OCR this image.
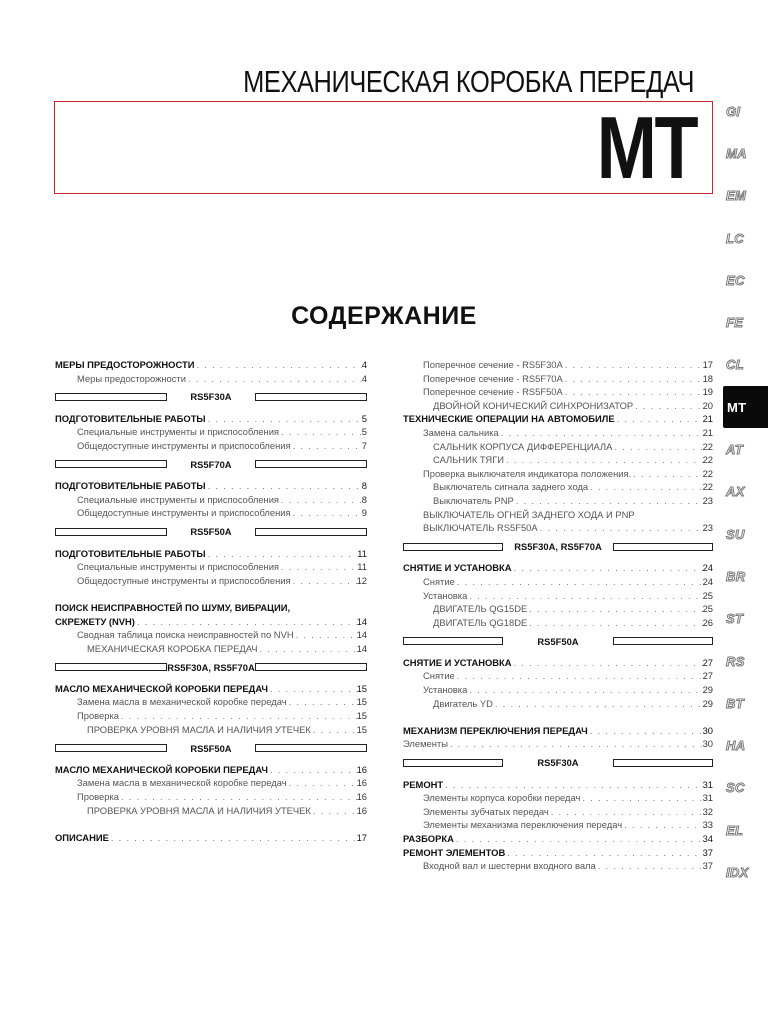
МЕХАНИЧЕСКАЯ КОРОБКА ПЕРЕДАЧ
MT
СОДЕРЖАНИЕ
GI
MA
EM
LC
EC
FE
CL
MT
AT
AX
SU
BR
ST
RS
BT
HA
SC
EL
IDX
МЕРЫ ПРЕДОСТОРОЖНОСТИ . . .	4
Меры предосторожности . . .	4
RS5F30A
ПОДГОТОВИТЕЛЬНЫЕ РАБОТЫ . . .	5
Специальные инструменты и приспособления . . .	5
Общедоступные инструменты и приспособления . . .	7
RS5F70A
ПОДГОТОВИТЕЛЬНЫЕ РАБОТЫ . . .	8
Специальные инструменты и приспособления . . .	8
Общедоступные инструменты и приспособления . . .	9
RS5F50A
ПОДГОТОВИТЕЛЬНЫЕ РАБОТЫ . . .	11
Специальные инструменты и приспособления . . .	11
Общедоступные инструменты и приспособления . . .	12
ПОИСК НЕИСПРАВНОСТЕЙ ПО ШУМУ, ВИБРАЦИИ,
СКРЕЖЕТУ (NVH) . . .	14
Сводная таблица поиска неисправностей по NVH . . .	14
МЕХАНИЧЕСКАЯ КОРОБКА ПЕРЕДАЧ . . .	14
RS5F30A, RS5F70A
МАСЛО МЕХАНИЧЕСКОЙ КОРОБКИ ПЕРЕДАЧ . . .	15
Замена масла в механической коробке передач . . .	15
Проверка . . .	15
ПРОВЕРКА УРОВНЯ МАСЛА И НАЛИЧИЯ УТЕЧЕК . . .	15
RS5F50A
МАСЛО МЕХАНИЧЕСКОЙ КОРОБКИ ПЕРЕДАЧ . . .	16
Замена масла в механической коробке передач . . .	16
Проверка . . .	16
ПРОВЕРКА УРОВНЯ МАСЛА И НАЛИЧИЯ УТЕЧЕК . . .	16
ОПИСАНИЕ . . .	17
Поперечное сечение - RS5F30A . . .	17
Поперечное сечение - RS5F70A . . .	18
Поперечное сечение - RS5F50A . . .	19
ДВОЙНОЙ КОНИЧЕСКИЙ СИНХРОНИЗАТОР . . .	20
ТЕХНИЧЕСКИЕ ОПЕРАЦИИ НА АВТОМОБИЛЕ . . .	21
Замена сальника . . .	21
САЛЬНИК КОРПУСА ДИФФЕРЕНЦИАЛА . . .	22
САЛЬНИК ТЯГИ . . .	22
Проверка выключателя индикатора положения. . . .	22
Выключатель сигнала заднего хода . . .	22
Выключатель PNP . . .	23
ВЫКЛЮЧАТЕЛЬ ОГНЕЙ ЗАДНЕГО ХОДА И PNP
ВЫКЛЮЧАТЕЛЬ RS5F50A . . .	23
RS5F30A, RS5F70A
СНЯТИЕ И УСТАНОВКА . . .	24
Снятие . . .	24
Установка . . .	25
ДВИГАТЕЛЬ QG15DE . . .	25
ДВИГАТЕЛЬ QG18DE . . .	26
RS5F50A
СНЯТИЕ И УСТАНОВКА . . .	27
Снятие . . .	27
Установка . . .	29
Двигатель YD . . .	29
МЕХАНИЗМ ПЕРЕКЛЮЧЕНИЯ ПЕРЕДАЧ . . .	30
Элементы . . .	30
RS5F30A
РЕМОНТ . . .	31
Элементы корпуса коробки передач . . .	31
Элементы зубчатых передач . . .	32
Элементы механизма переключения передач . . .	33
РАЗБОРКА . . .	34
РЕМОНТ ЭЛЕМЕНТОВ . . .	37
Входной вал и шестерни входного вала . . .	37
